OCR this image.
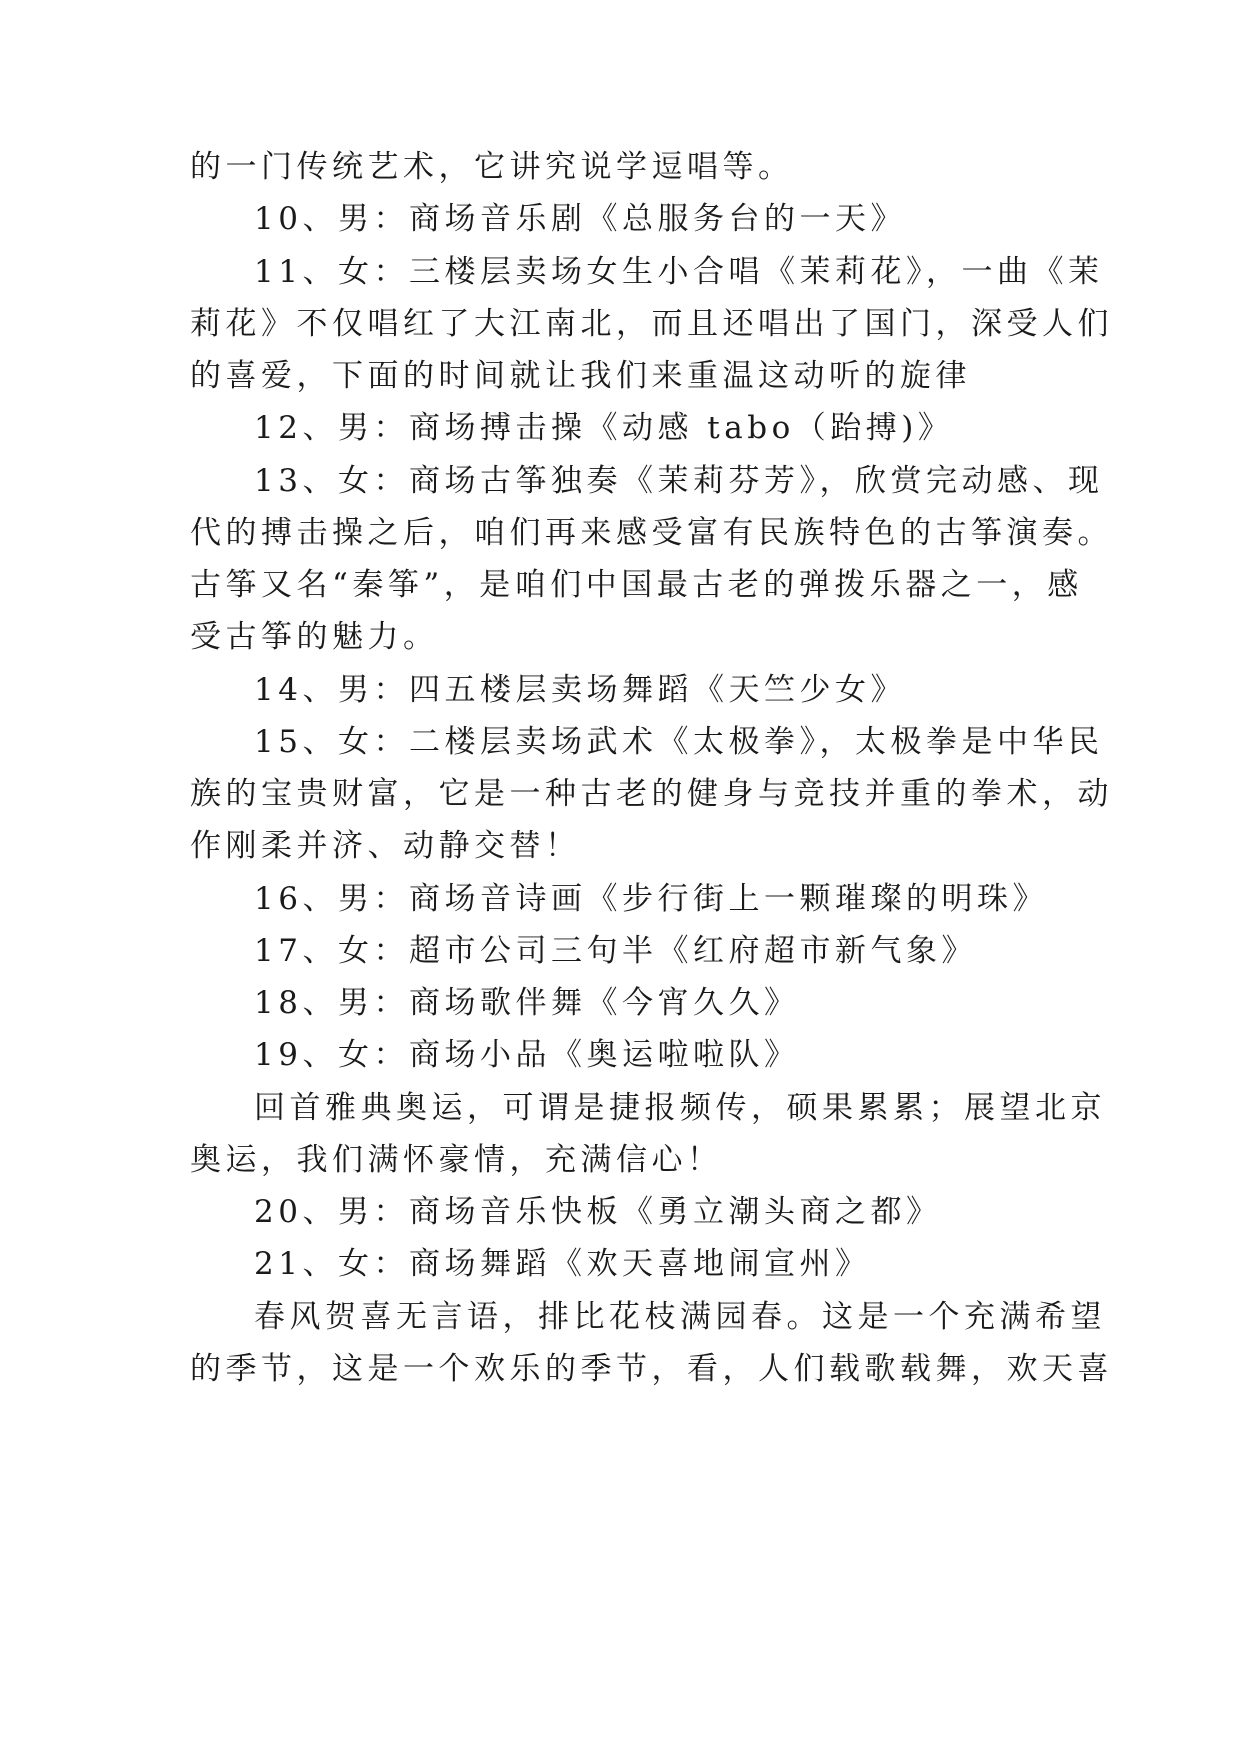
的一门传统艺术，它讲究说学逗唱等。
10、男：商场音乐剧《总服务台的一天》
11、女：三楼层卖场女生小合唱《茉莉花》，一曲《茉
莉花》不仅唱红了大江南北，而且还唱出了国门，深受人们
的喜爱，下面的时间就让我们来重温这动听的旋律
12、男：商场搏击操《动感 tabo（跆搏)》
13、女：商场古筝独奏《茉莉芬芳》，欣赏完动感、现
代的搏击操之后，咱们再来感受富有民族特色的古筝演奏。
古筝又名“秦筝”，是咱们中国最古老的弹拨乐器之一，感
受古筝的魅力。
14、男：四五楼层卖场舞蹈《天竺少女》
15、女：二楼层卖场武术《太极拳》，太极拳是中华民
族的宝贵财富，它是一种古老的健身与竞技并重的拳术，动
作刚柔并济、动静交替！
16、男：商场音诗画《步行街上一颗璀璨的明珠》
17、女：超市公司三句半《红府超市新气象》
18、男：商场歌伴舞《今宵久久》
19、女：商场小品《奥运啦啦队》
回首雅典奥运，可谓是捷报频传，硕果累累；展望北京
奥运，我们满怀豪情，充满信心！
20、男：商场音乐快板《勇立潮头商之都》
21、女：商场舞蹈《欢天喜地闹宣州》
春风贺喜无言语，排比花枝满园春。这是一个充满希望
的季节，这是一个欢乐的季节，看，人们载歌载舞，欢天喜
